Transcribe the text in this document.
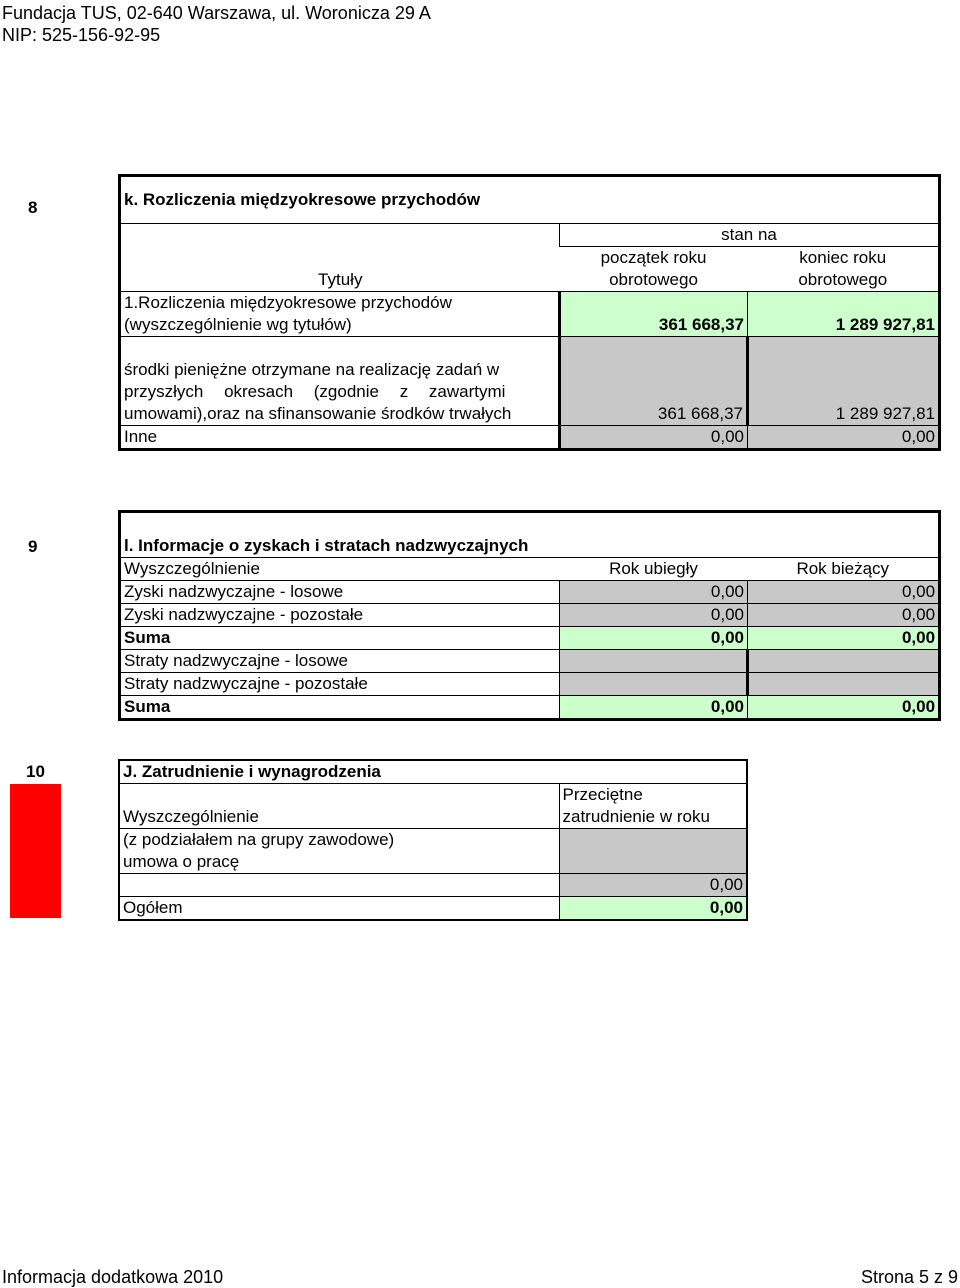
Fundacja TUS, 02-640 Warszawa, ul. Woronicza 29 A
NIP: 525-156-92-95
8	k. Rozliczenia międzyokresowe przychodów		
	stan na	
	początek roku	koniec roku
Tytuły	obrotowego	obrotowego
1.Rozliczenia międzyokresowe przychodów		
(wyszczególnienie wg tytułów)	361 668,37	1 289 927,81

środki pieniężne otrzymane na realizację zadań w		
przyszłych okresach (zgodnie z zawartymi		
umowami),oraz na sfinansowanie środków trwałych	361 668,37	1 289 927,81
Inne	0,00	0,00
9	l. Informacje o zyskach i stratach nadzwyczajnych		
Wyszczególnienie	Rok ubiegły	Rok bieżący
Zyski nadzwyczajne - losowe	0,00	0,00
Zyski nadzwyczajne - pozostałe	0,00	0,00
Suma	0,00	0,00
Straty nadzwyczajne - losowe		
Straty nadzwyczajne - pozostałe		
Suma	0,00	0,00
10	J. Zatrudnienie i wynagrodzenia	
	Przeciętne
Wyszczególnienie	zatrudnienie w roku
(z podziałałem na grupy zawodowe)	
umowa o pracę	
	0,00
Ogółem	0,00
Informacja dodatkowa 2010	Strona 5 z 9
